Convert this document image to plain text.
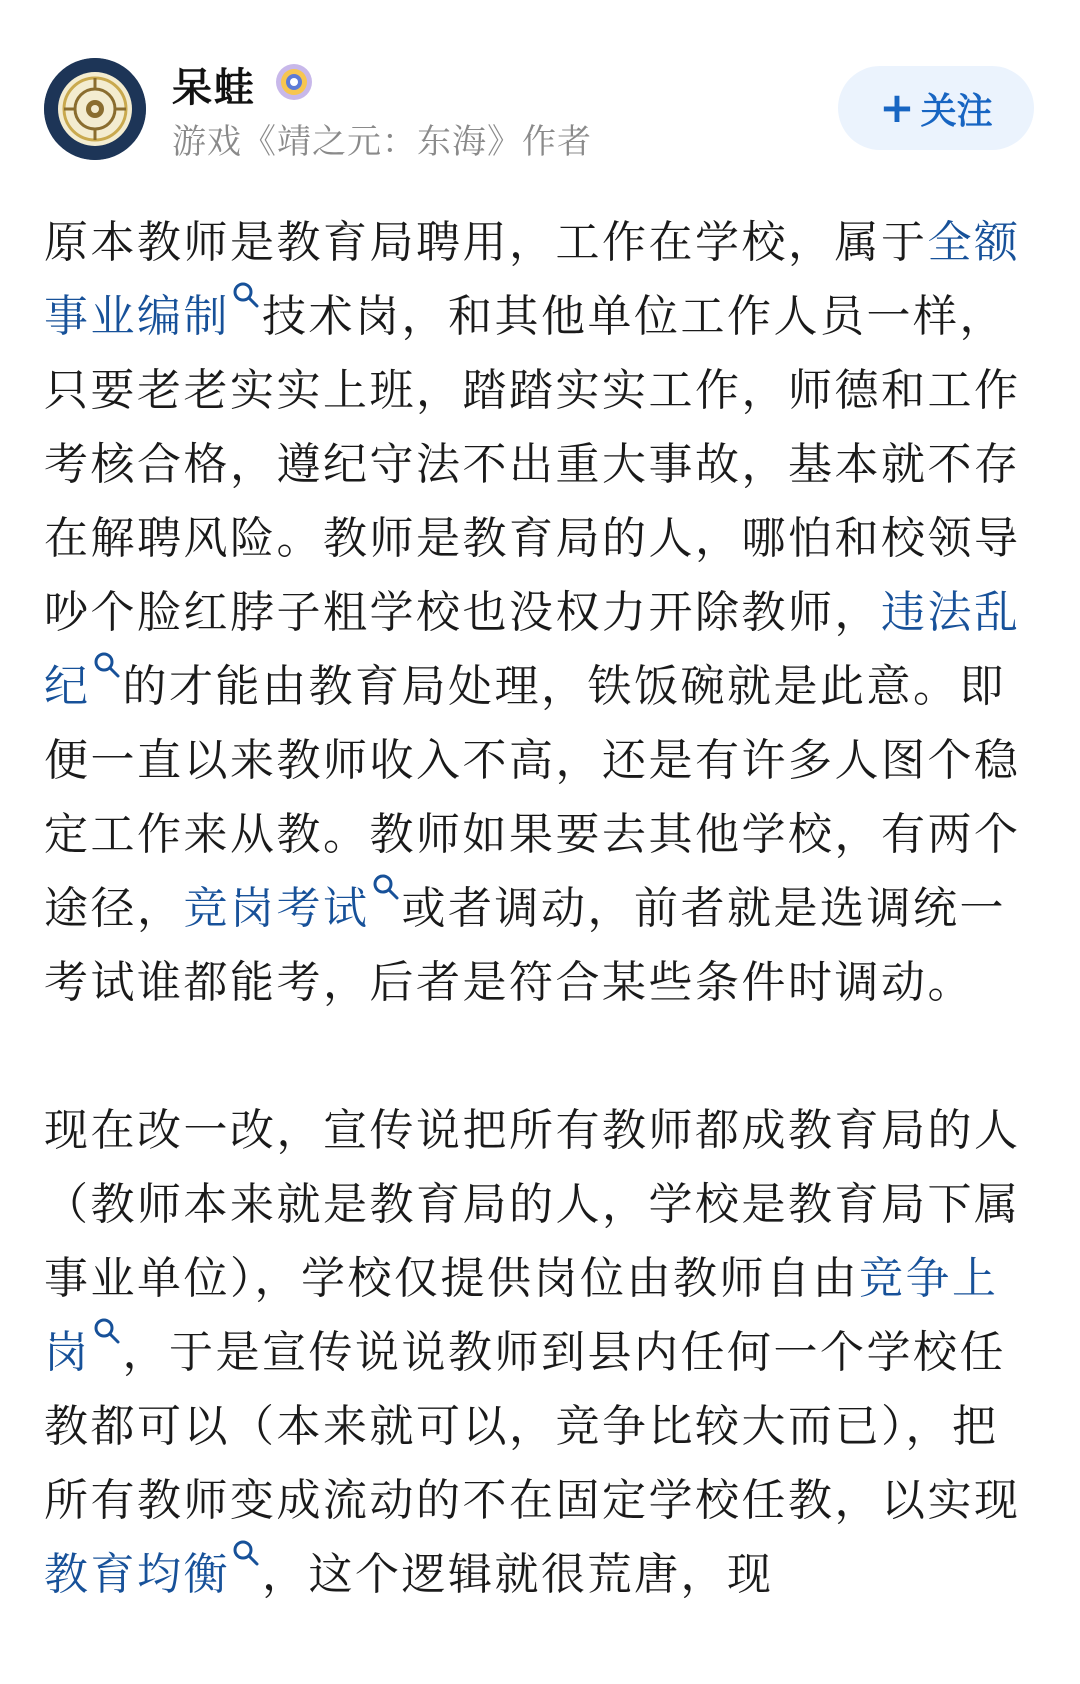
呆蛙
游戏《靖之元：东海》作者
+ 关注

原本教师是教育局聘用，工作在学校，属于全额事业编制 技术岗，和其他单位工作人员一样，只要老老实实上班，踏踏实实工作，师德和工作考核合格，遵纪守法不出重大事故，基本就不存在解聘风险。教师是教育局的人，哪怕和校领导吵个脸红脖子粗学校也没权力开除教师，违法乱纪 的才能由教育局处理，铁饭碗就是此意。即便一直以来教师收入不高，还是有许多人图个稳定工作来从教。教师如果要去其他学校，有两个途径，竞岗考试 或者调动，前者就是选调统一考试谁都能考，后者是符合某些条件时调动。

现在改一改，宣传说把所有教师都成教育局的人（教师本来就是教育局的人，学校是教育局下属事业单位），学校仅提供岗位由教师自由竞争上岗 ，于是宣传说说教师到县内任何一个学校任教都可以（本来就可以，竞争比较大而已），把所有教师变成流动的不在固定学校任教，以实现教育均衡 ，这个逻辑就很荒唐，现
